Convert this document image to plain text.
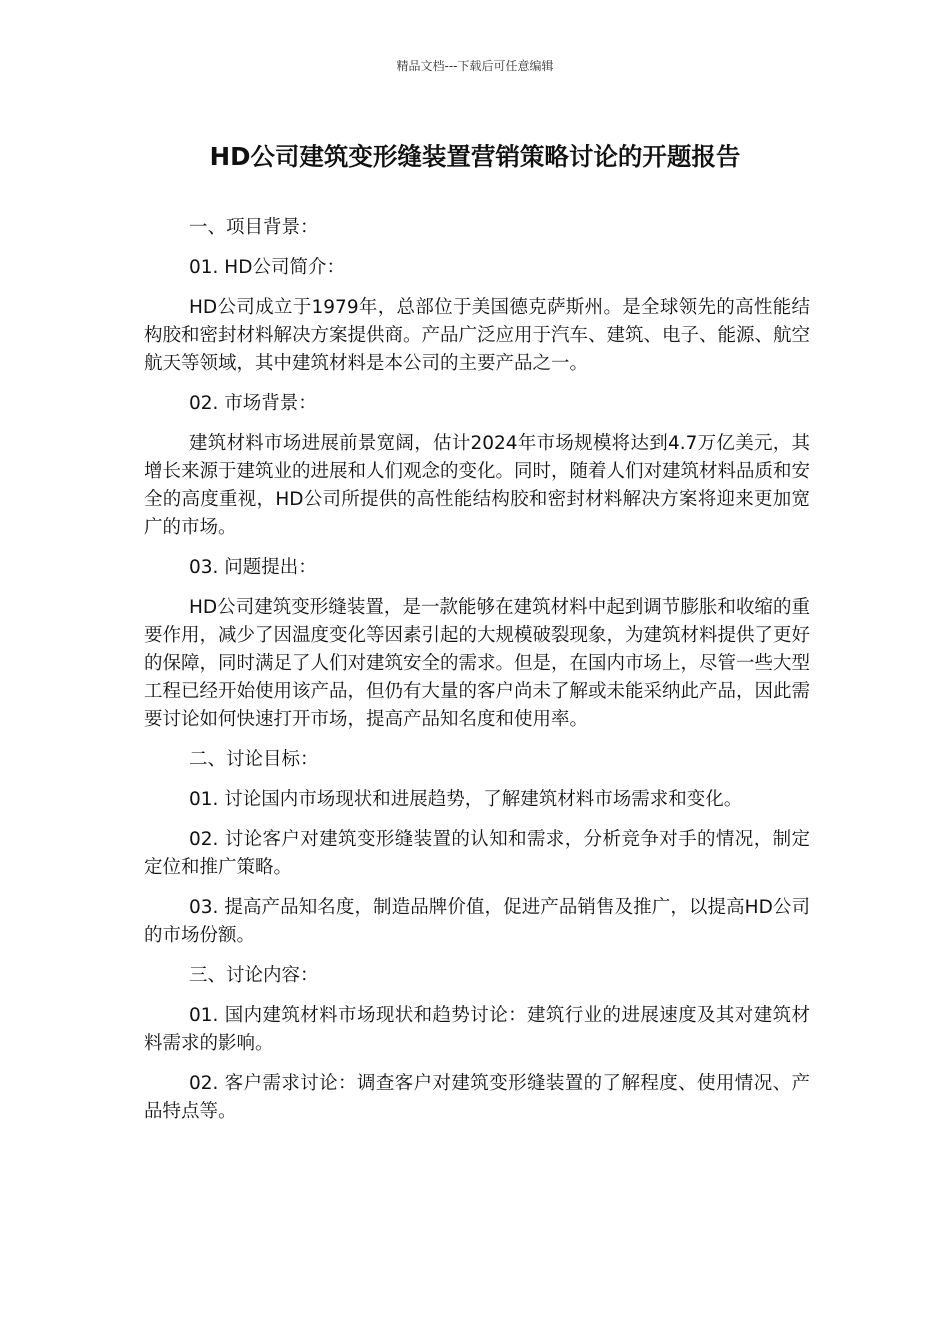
精品文档---下载后可任意编辑
HD公司建筑变形缝装置营销策略讨论的开题报告

一、项目背景：

01. HD公司简介：

HD公司成立于1979年，总部位于美国德克萨斯州。是全球领先的高性能结构胶和密封材料解决方案提供商。产品广泛应用于汽车、建筑、电子、能源、航空航天等领域，其中建筑材料是本公司的主要产品之一。

02. 市场背景：

建筑材料市场进展前景宽阔，估计2024年市场规模将达到4.7万亿美元，其增长来源于建筑业的进展和人们观念的变化。同时，随着人们对建筑材料品质和安全的高度重视，HD公司所提供的高性能结构胶和密封材料解决方案将迎来更加宽广的市场。

03. 问题提出：

HD公司建筑变形缝装置，是一款能够在建筑材料中起到调节膨胀和收缩的重要作用，减少了因温度变化等因素引起的大规模破裂现象，为建筑材料提供了更好的保障，同时满足了人们对建筑安全的需求。但是，在国内市场上，尽管一些大型工程已经开始使用该产品，但仍有大量的客户尚未了解或未能采纳此产品，因此需要讨论如何快速打开市场，提高产品知名度和使用率。

二、讨论目标：

01. 讨论国内市场现状和进展趋势，了解建筑材料市场需求和变化。

02. 讨论客户对建筑变形缝装置的认知和需求，分析竞争对手的情况，制定定位和推广策略。

03. 提高产品知名度，制造品牌价值，促进产品销售及推广，以提高HD公司的市场份额。

三、讨论内容：

01. 国内建筑材料市场现状和趋势讨论：建筑行业的进展速度及其对建筑材料需求的影响。

02. 客户需求讨论：调查客户对建筑变形缝装置的了解程度、使用情况、产品特点等。
